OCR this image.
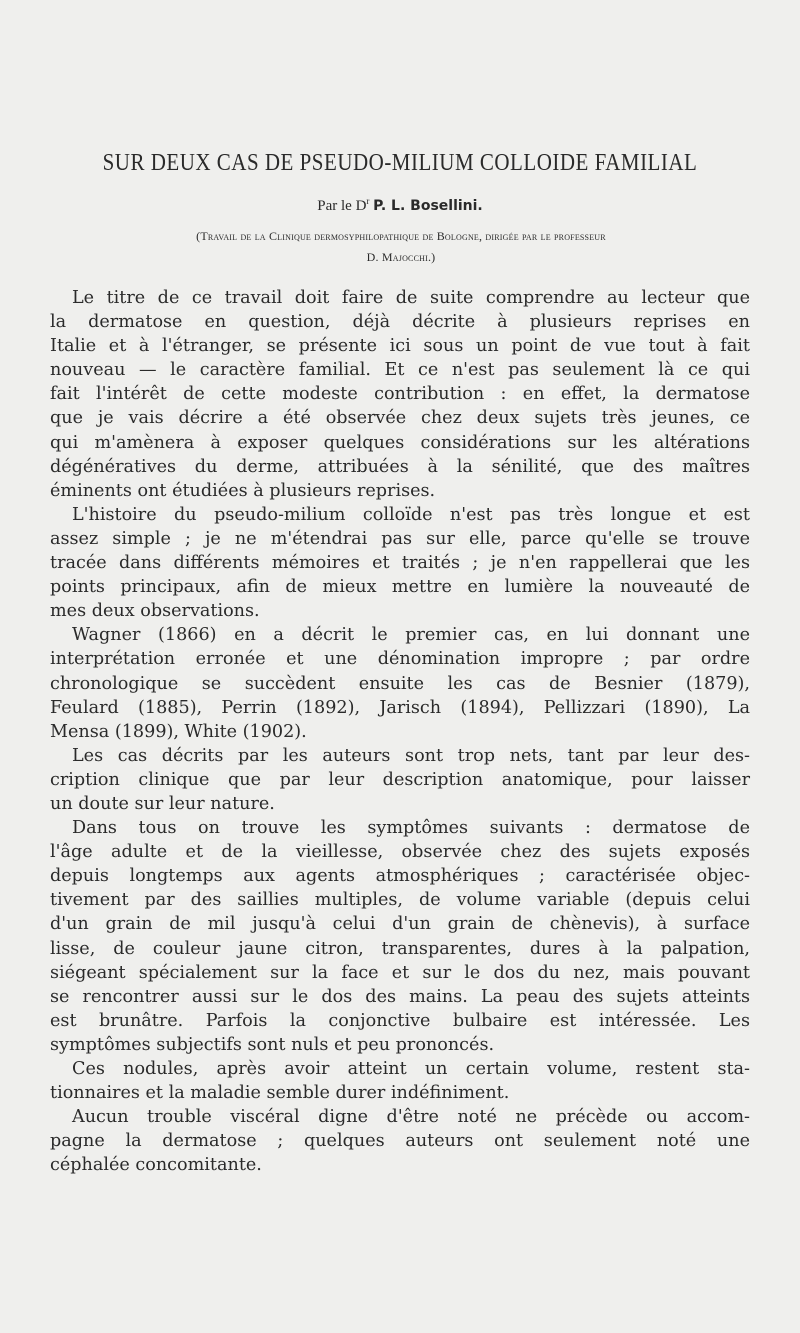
SUR DEUX CAS DE PSEUDO-MILIUM COLLOIDE FAMILIAL
Par le $D^r$ P. L. Bosellini.
(Travail de la Clinique dermosyphilopathique de Bologne, dirigée par le professeur
D. Majocchi.)
Le titre de ce travail doit faire de suite comprendre au lecteur que
la dermatose en question, déjà décrite à plusieurs reprises en
Italie et à l'étranger, se présente ici sous un point de vue tout à fait
nouveau — le caractère familial. Et ce n'est pas seulement là ce qui
fait l'intérêt de cette modeste contribution : en effet, la dermatose
que je vais décrire a été observée chez deux sujets très jeunes, ce
qui m'amènera à exposer quelques considérations sur les altérations
dégénératives du derme, attribuées à la sénilité, que des maîtres
éminents ont étudiées à plusieurs reprises.
L'histoire du pseudo-milium colloïde n'est pas très longue et est
assez simple ; je ne m'étendrai pas sur elle, parce qu'elle se trouve
tracée dans différents mémoires et traités ; je n'en rappellerai que les
points principaux, afin de mieux mettre en lumière la nouveauté de
mes deux observations.
Wagner (1866) en a décrit le premier cas, en lui donnant une
interprétation erronée et une dénomination impropre ; par ordre
chronologique se succèdent ensuite les cas de Besnier (1879),
Feulard (1885), Perrin (1892), Jarisch (1894), Pellizzari (1890), La
Mensa (1899), White (1902).
Les cas décrits par les auteurs sont trop nets, tant par leur des-
cription clinique que par leur description anatomique, pour laisser
un doute sur leur nature.
Dans tous on trouve les symptômes suivants : dermatose de
l'âge adulte et de la vieillesse, observée chez des sujets exposés
depuis longtemps aux agents atmosphériques ; caractérisée objec-
tivement par des saillies multiples, de volume variable (depuis celui
d'un grain de mil jusqu'à celui d'un grain de chènevis), à surface
lisse, de couleur jaune citron, transparentes, dures à la palpation,
siégeant spécialement sur la face et sur le dos du nez, mais pouvant
se rencontrer aussi sur le dos des mains. La peau des sujets atteints
est brunâtre. Parfois la conjonctive bulbaire est intéressée. Les
symptômes subjectifs sont nuls et peu prononcés.
Ces nodules, après avoir atteint un certain volume, restent sta-
tionnaires et la maladie semble durer indéfiniment.
Aucun trouble viscéral digne d'être noté ne précède ou accom-
pagne la dermatose ; quelques auteurs ont seulement noté une
céphalée concomitante.
